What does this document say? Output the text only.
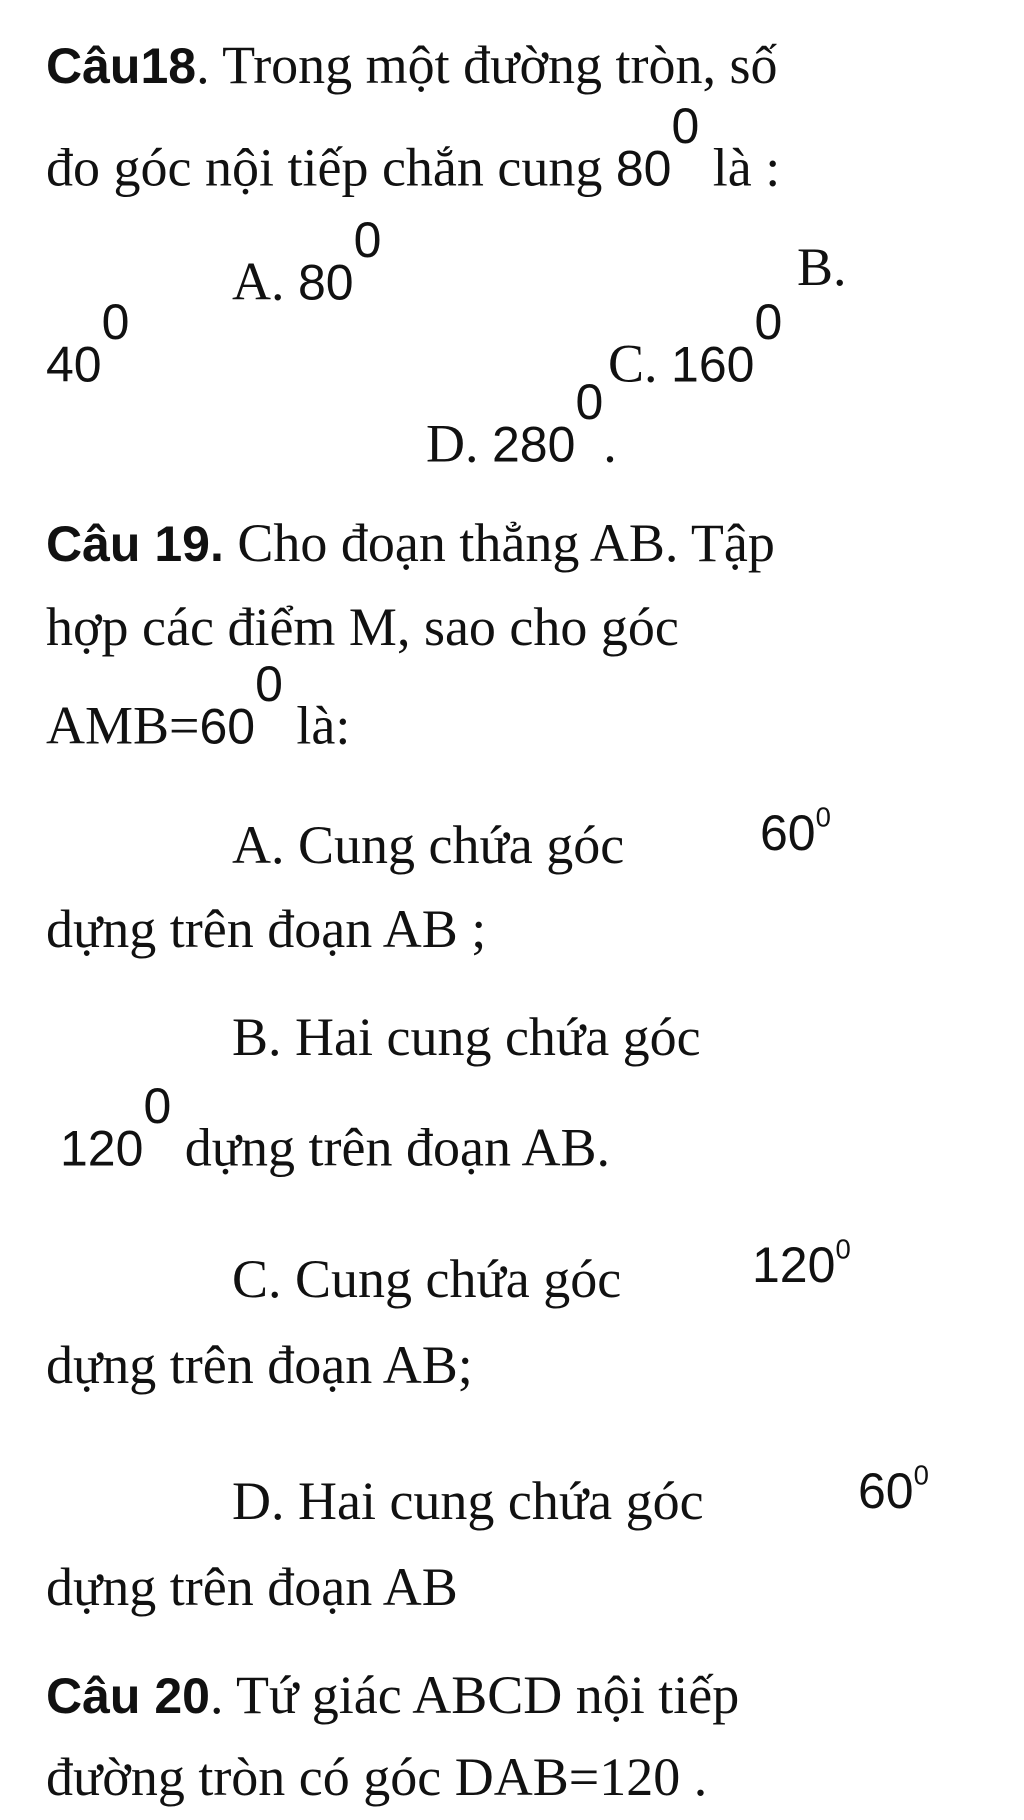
Câu18. Trong một đường tròn, số
đo góc nội tiếp chắn cung $80^0$ là :
A. $80^0$	B.
$40^0$
C. $160^0$
D. $280^0$.
Câu 19. Cho đoạn thẳng AB. Tập
hợp các điểm M, sao cho góc
$AMB=60^0$ là:
A. Cung chứa góc	$60^0$
dựng trên đoạn AB ;
B. Hai cung chứa góc
$120^0$ dựng trên đoạn AB.
C. Cung chứa góc	$120^0$
dựng trên đoạn AB;
D. Hai cung chứa góc	$60^0$
dựng trên đoạn AB
Câu 20. Tứ giác ABCD nội tiếp
đường tròn có góc DAB=120 .
